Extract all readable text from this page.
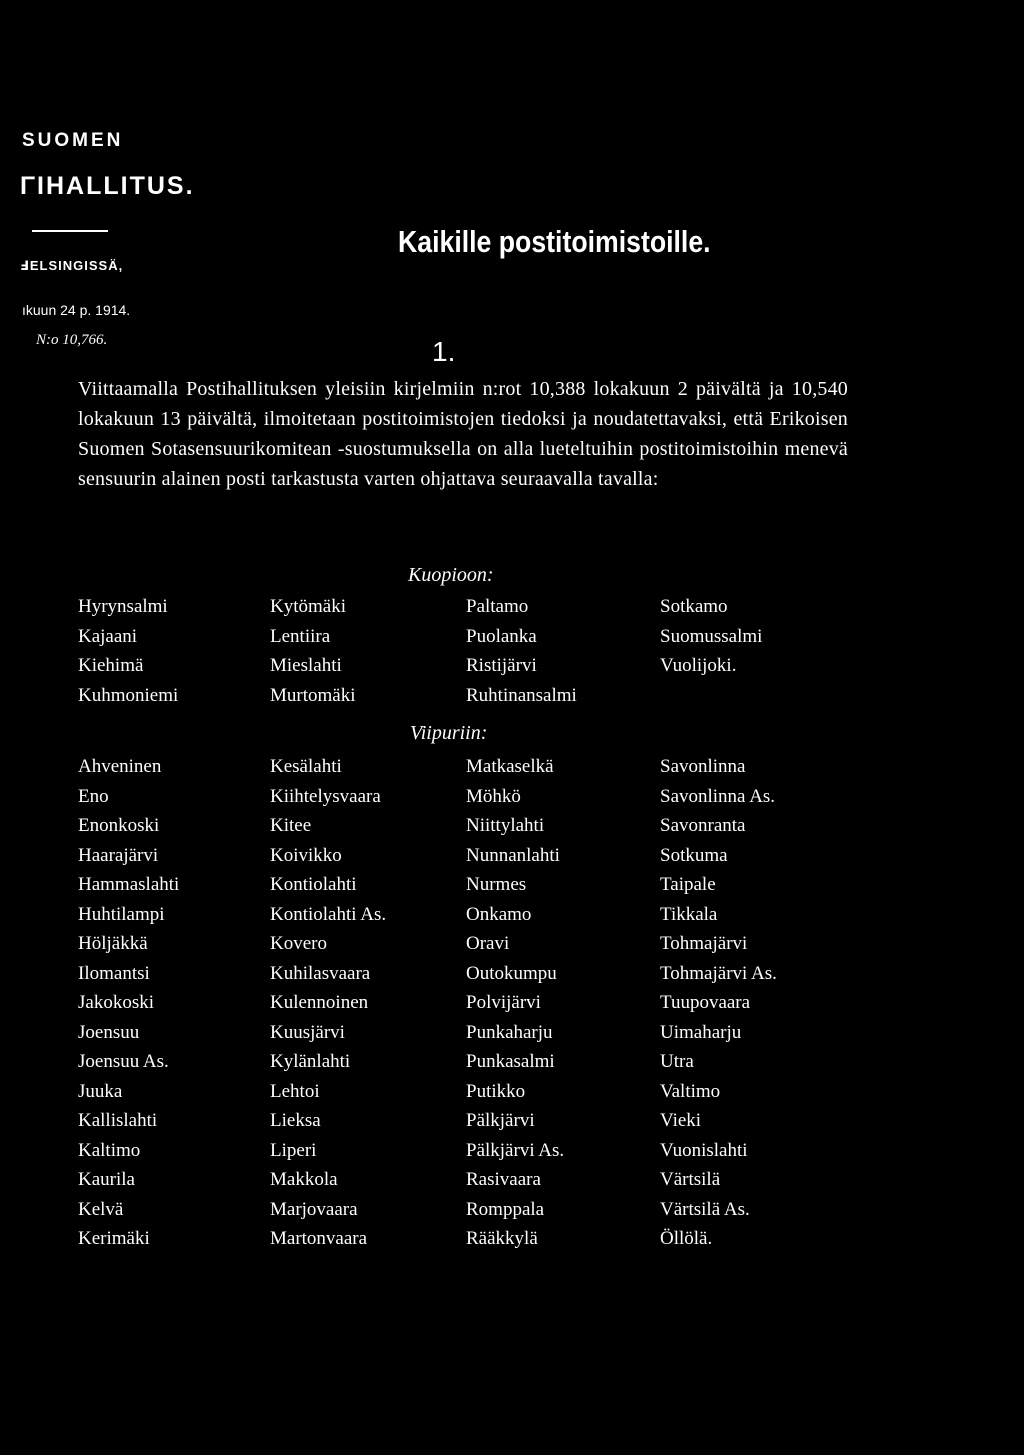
SUOMEN
ΓIHALLITUS.
ℲELSINGISSÄ,
ıkuun 24 p. 1914.
N:o 10,766.
Kaikille postitoimistoille.
1.
Viittaamalla Postihallituksen yleisiin kirjelmiin n:rot 10,388 lokakuun 2 päivältä ja 10,540 lokakuun 13 päivältä, ilmoitetaan postitoimistojen tiedoksi ja noudatettavaksi, että Erikoisen Suomen Sotasensuurikomitean -suostumuksella on alla lueteltuihin postitoimistoihin menevä sensuurin alainen posti tarkastusta varten ohjattava seuraavalla tavalla:
Kuopioon:
Hyrynsalmi	Kytömäki	Paltamo	Sotkamo
Kajaani	Lentiira	Puolanka	Suomussalmi
Kiehimä	Mieslahti	Ristijärvi	Vuolijoki.
Kuhmoniemi	Murtomäki	Ruhtinansalmi
Viipuriin:
Ahveninen	Kesälahti	Matkaselkä	Savonlinna
Eno	Kiihtelysvaara	Möhkö	Savonlinna As.
Enonkoski	Kitee	Niittylahti	Savonranta
Haarajärvi	Koivikko	Nunnanlahti	Sotkuma
Hammaslahti	Kontiolahti	Nurmes	Taipale
Huhtilampi	Kontiolahti As.	Onkamo	Tikkala
Höljäkkä	Kovero	Oravi	Tohmajärvi
Ilomantsi	Kuhilasvaara	Outokumpu	Tohmajärvi As.
Jakokoski	Kulennoinen	Polvijärvi	Tuupovaara
Joensuu	Kuusjärvi	Punkaharju	Uimaharju
Joensuu As.	Kylänlahti	Punkasalmi	Utra
Juuka	Lehtoi	Putikko	Valtimo
Kallislahti	Lieksa	Pälkjärvi	Vieki
Kaltimo	Liperi	Pälkjärvi As.	Vuonislahti
Kaurila	Makkola	Rasivaara	Värtsilä
Kelvä	Marjovaara	Romppala	Värtsilä As.
Kerimäki	Martonvaara	Rääkkylä	Öllölä.
